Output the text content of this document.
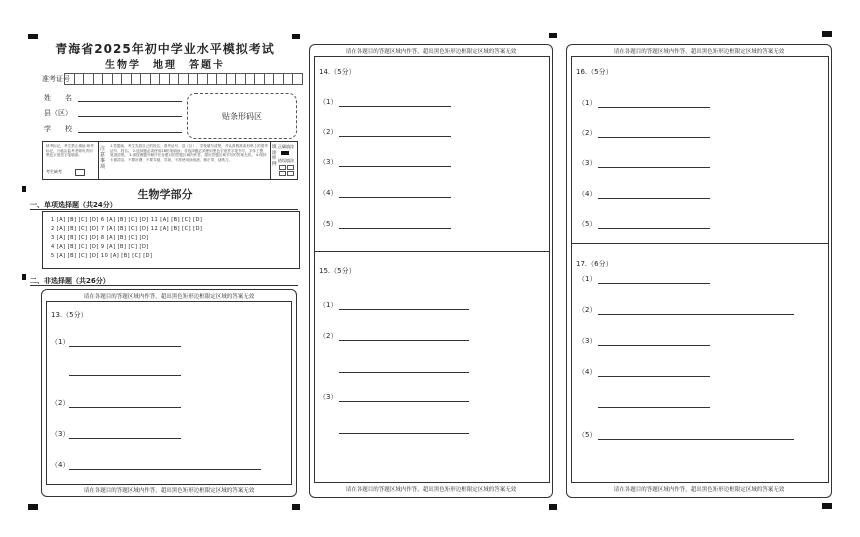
青海省2025年初中学业水平模拟考试
生物学　地理　答题卡
准考证号
姓　　名
县（区）
学　　校
贴条形码区
缺考标记，考生禁止填涂 缺考标记，只能由监考老师负责用黑色字迹签字笔填涂。
考生缺考
注意事项
1.答题前，考生先将自己的姓名、准考证号、县（区）、学校填写清楚，并认真核准条形码上的准考证号、姓名。 2.选择题必须使用2B铅笔填涂；非选择题必须使用黑色字迹签字笔书写，字体工整、笔迹清楚。 3.请按照题号顺序在各题目的答题区域内作答，超出答题区域书写的答案无效。 4.保持卡面清洁，不要折叠、不要弄破、弄皱，不准使用涂改液、修正带、刮纸刀。
填涂样例
正确填涂
错误填涂
生物学部分
一、单项选择题（共24分）
1 [A] [B] [C] [D] 6 [A] [B] [C] [D] 11 [A] [B] [C] [D]
2 [A] [B] [C] [D] 7 [A] [B] [C] [D] 12 [A] [B] [C] [D]
3 [A] [B] [C] [D] 8 [A] [B] [C] [D]
4 [A] [B] [C] [D] 9 [A] [B] [C] [D]
5 [A] [B] [C] [D] 10 [A] [B] [C] [D]
二、非选择题（共26分）
请在各题目的答题区域内作答，超出黑色矩形边框限定区域的答案无效
13.（5分）
（1）
（2）
（3）
（4）
请在各题目的答题区域内作答，超出黑色矩形边框限定区域的答案无效
请在各题目的答题区域内作答，超出黑色矩形边框限定区域的答案无效
14.（5分）
（1）
（2）
（3）
（4）
（5）
15.（5分）
（1）
（2）
（3）
请在各题目的答题区域内作答，超出黑色矩形边框限定区域的答案无效
请在各题目的答题区域内作答，超出黑色矩形边框限定区域的答案无效
16.（5分）
（1）
（2）
（3）
（4）
（5）
17.（6分）
（1）
（2）
（3）
（4）
（5）
请在各题目的答题区域内作答，超出黑色矩形边框限定区域的答案无效
